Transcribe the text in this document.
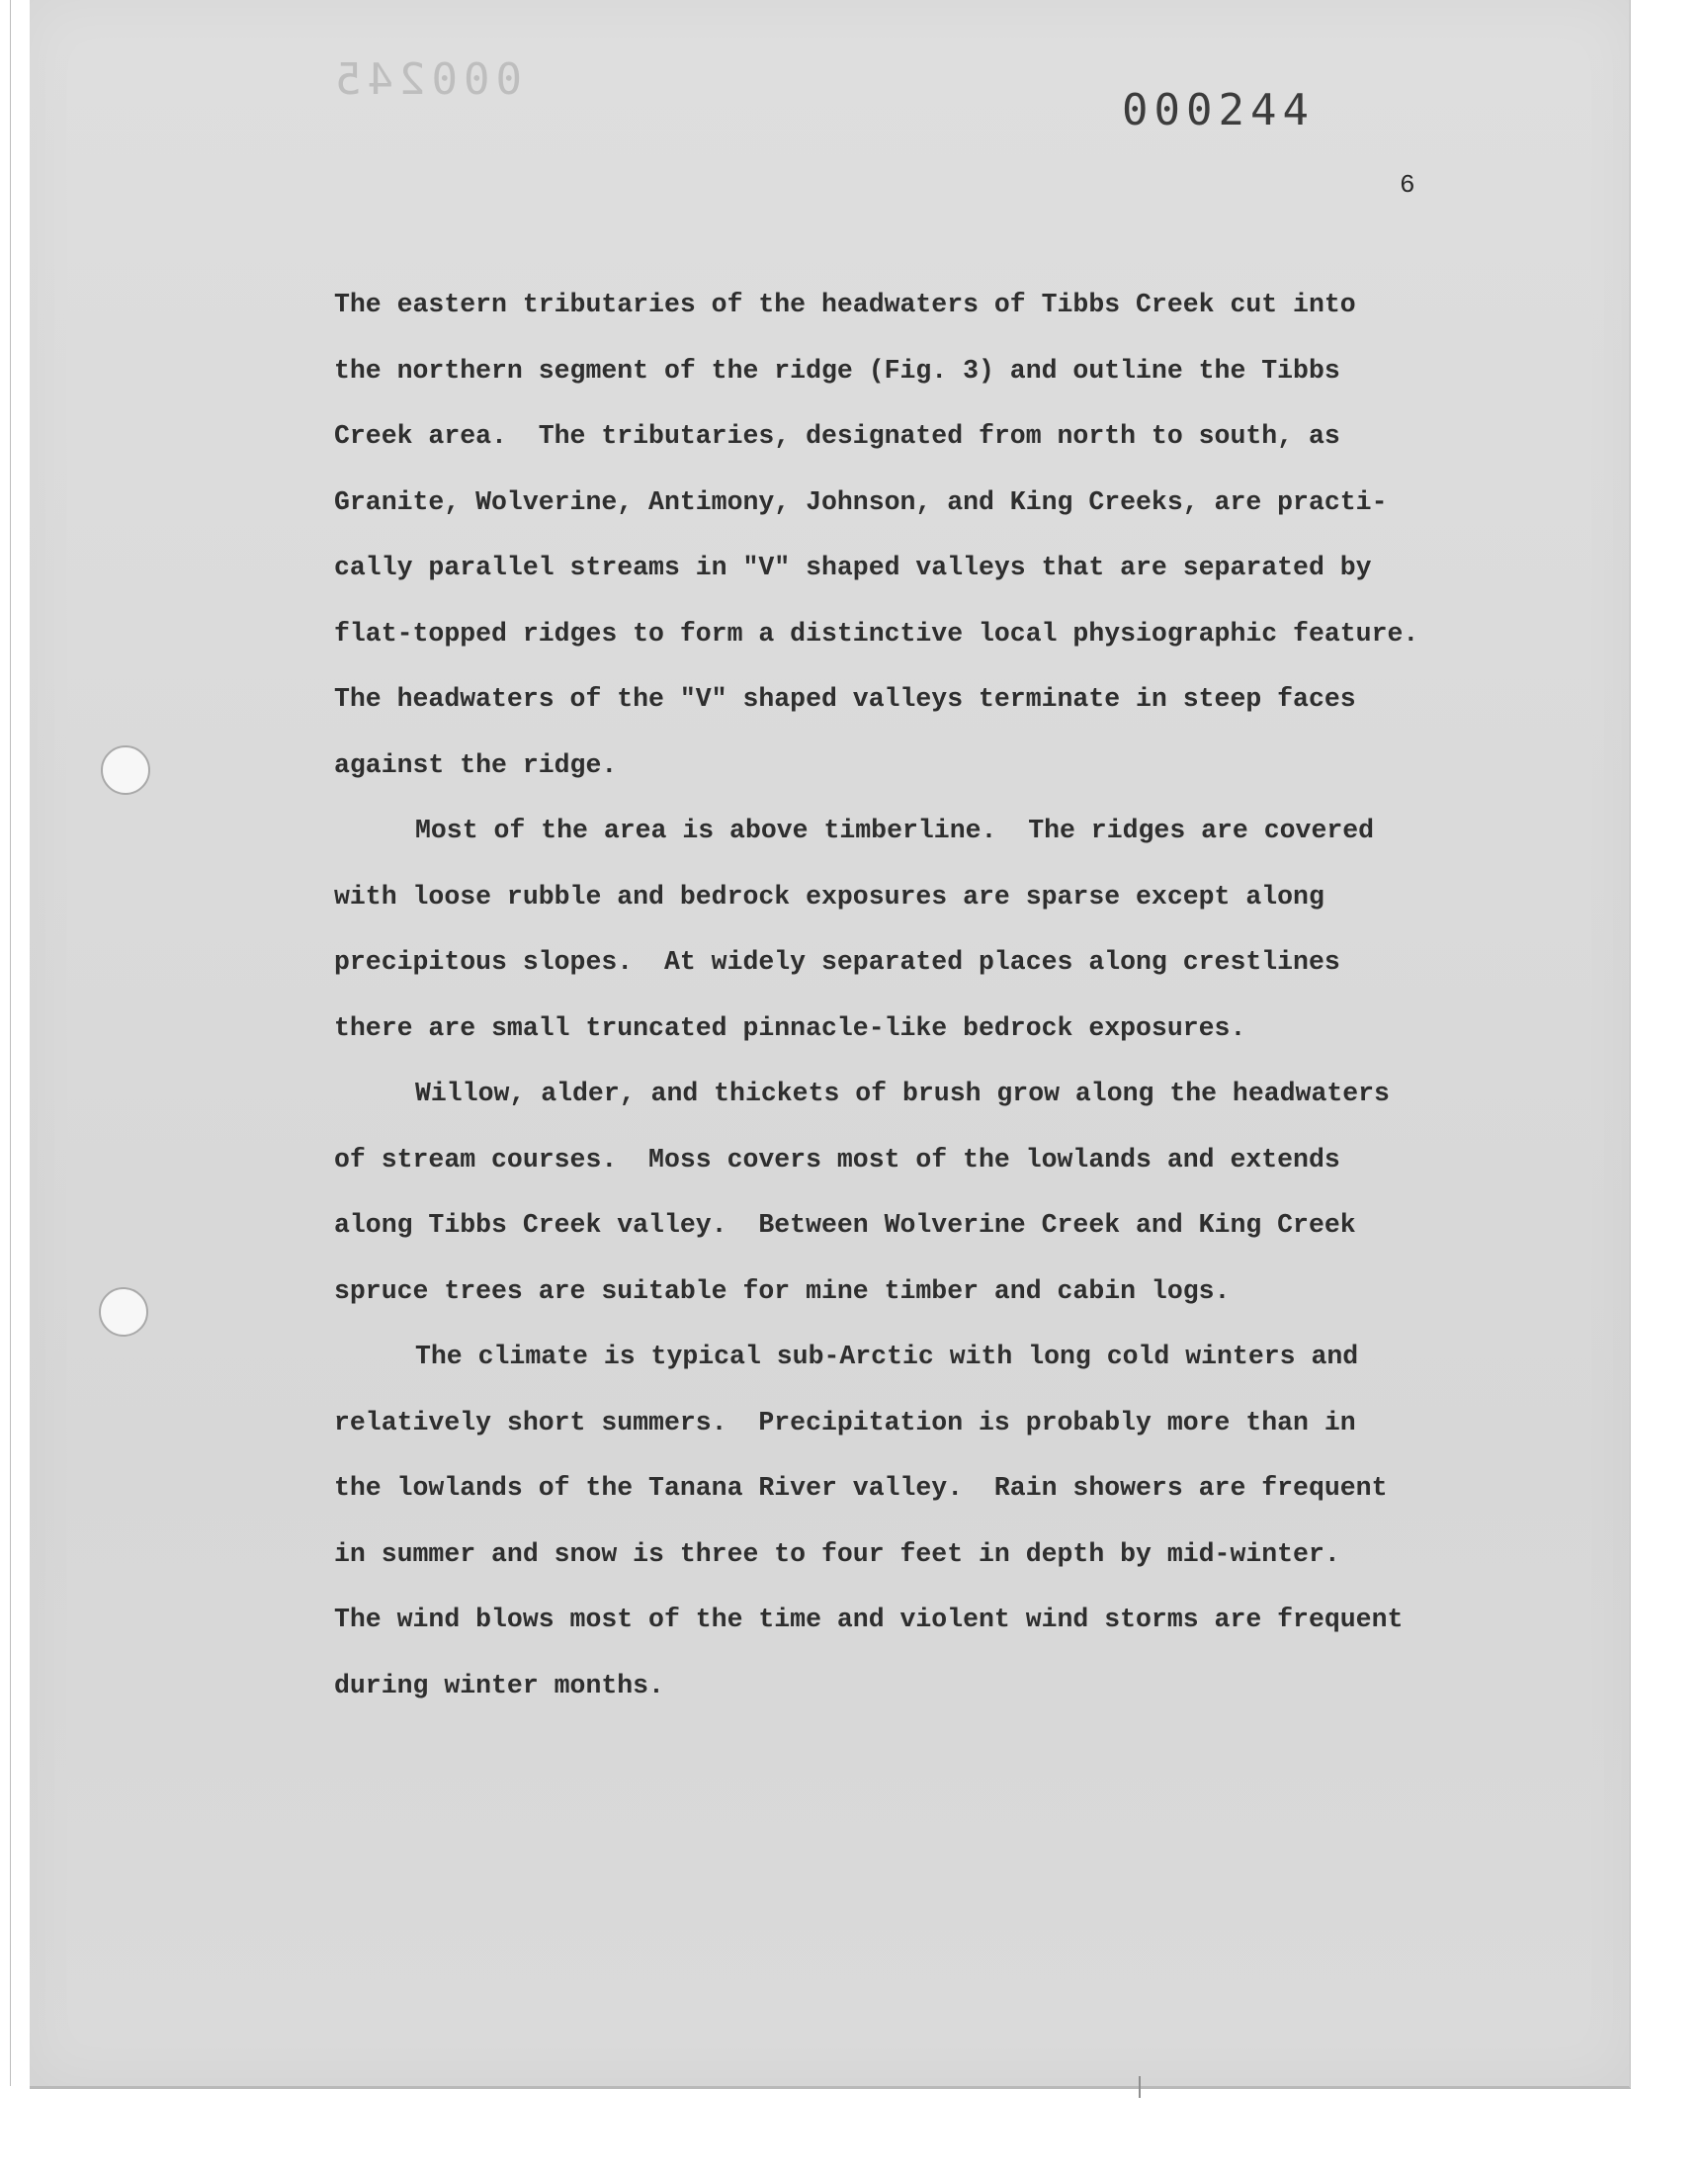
000245
000244
6
The eastern tributaries of the headwaters of Tibbs Creek cut into
the northern segment of the ridge (Fig. 3) and outline the Tibbs
Creek area.  The tributaries, designated from north to south, as
Granite, Wolverine, Antimony, Johnson, and King Creeks, are practi-
cally parallel streams in "V" shaped valleys that are separated by
flat-topped ridges to form a distinctive local physiographic feature.
The headwaters of the "V" shaped valleys terminate in steep faces
against the ridge.
Most of the area is above timberline.  The ridges are covered
with loose rubble and bedrock exposures are sparse except along
precipitous slopes.  At widely separated places along crestlines
there are small truncated pinnacle-like bedrock exposures.
Willow, alder, and thickets of brush grow along the headwaters
of stream courses.  Moss covers most of the lowlands and extends
along Tibbs Creek valley.  Between Wolverine Creek and King Creek
spruce trees are suitable for mine timber and cabin logs.
The climate is typical sub-Arctic with long cold winters and
relatively short summers.  Precipitation is probably more than in
the lowlands of the Tanana River valley.  Rain showers are frequent
in summer and snow is three to four feet in depth by mid-winter.
The wind blows most of the time and violent wind storms are frequent
during winter months.
